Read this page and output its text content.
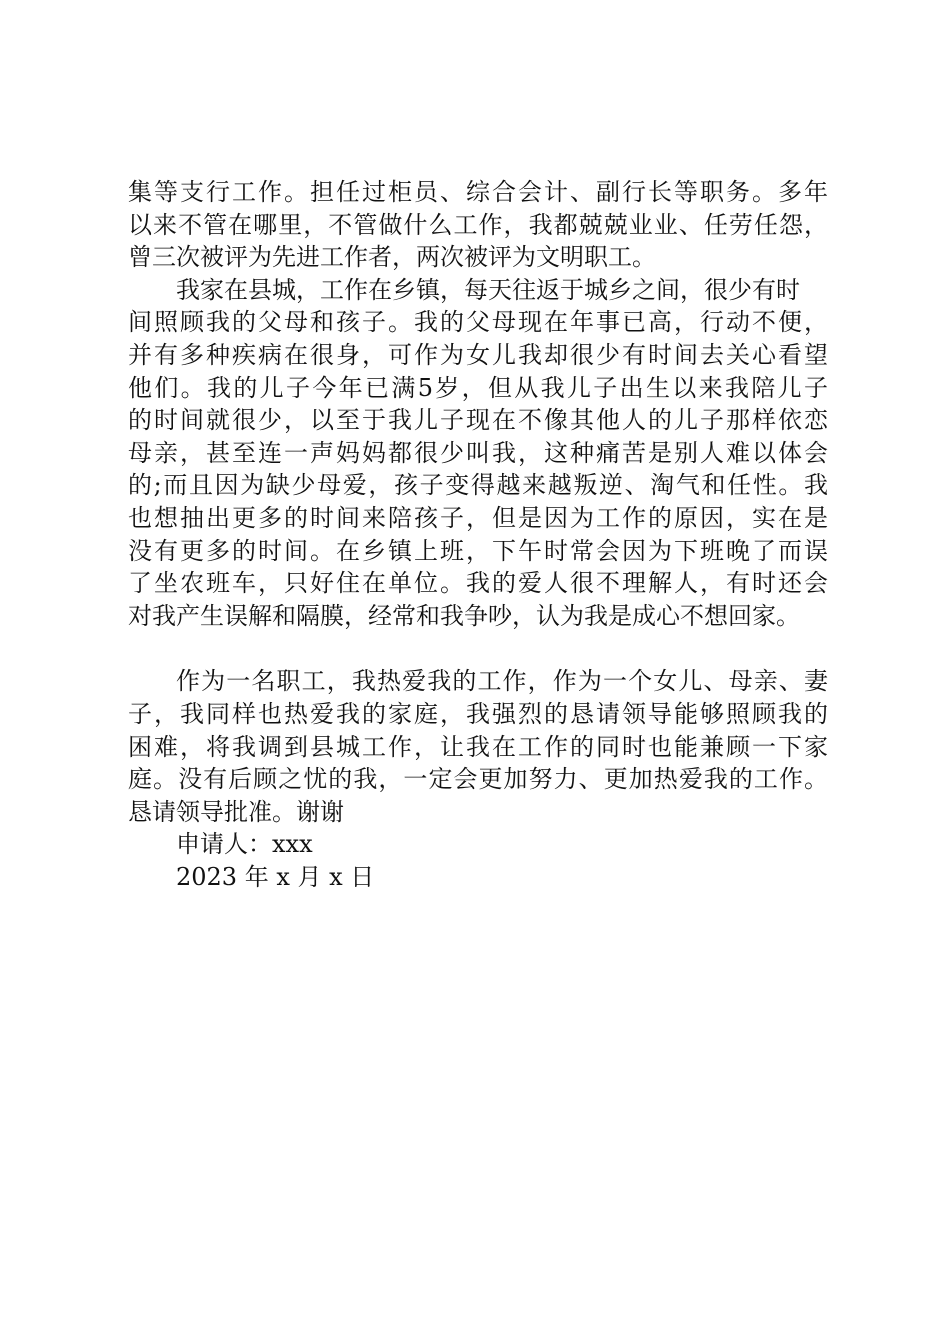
集等支行工作。担任过柜员、综合会计、副行长等职务。多年
以来不管在哪里，不管做什么工作，我都兢兢业业、任劳任怨，
曾三次被评为先进工作者，两次被评为文明职工。
我家在县城，工作在乡镇，每天往返于城乡之间，很少有时
间照顾我的父母和孩子。我的父母现在年事已高，行动不便，
并有多种疾病在很身，可作为女儿我却很少有时间去关心看望
他们。我的儿子今年已满5岁，但从我儿子出生以来我陪儿子
的时间就很少，以至于我儿子现在不像其他人的儿子那样依恋
母亲，甚至连一声妈妈都很少叫我，这种痛苦是别人难以体会
的;而且因为缺少母爱，孩子变得越来越叛逆、淘气和任性。我
也想抽出更多的时间来陪孩子，但是因为工作的原因，实在是
没有更多的时间。在乡镇上班，下午时常会因为下班晚了而误
了坐农班车，只好住在单位。我的爱人很不理解人，有时还会
对我产生误解和隔膜，经常和我争吵，认为我是成心不想回家。
作为一名职工，我热爱我的工作，作为一个女儿、母亲、妻
子，我同样也热爱我的家庭，我强烈的恳请领导能够照顾我的
困难，将我调到县城工作，让我在工作的同时也能兼顾一下家
庭。没有后顾之忧的我，一定会更加努力、更加热爱我的工作。
恳请领导批准。谢谢
申请人：xxx
2023 年 x 月 x 日
